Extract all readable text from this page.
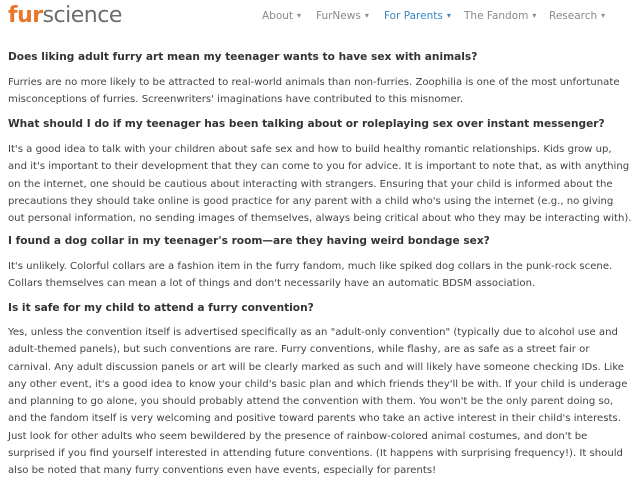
furscience	About ▾ FurNews ▾ For Parents ▾ The Fandom ▾ Research ▾
Does liking adult furry art mean my teenager wants to have sex with animals?
Furries are no more likely to be attracted to real-world animals than non-furries. Zoophilia is one of the most unfortunate
misconceptions of furries. Screenwriters' imaginations have contributed to this misnomer.
What should I do if my teenager has been talking about or roleplaying sex over instant messenger?
It's a good idea to talk with your children about safe sex and how to build healthy romantic relationships. Kids grow up,
and it's important to their development that they can come to you for advice. It is important to note that, as with anything
on the internet, one should be cautious about interacting with strangers. Ensuring that your child is informed about the
precautions they should take online is good practice for any parent with a child who's using the internet (e.g., no giving
out personal information, no sending images of themselves, always being critical about who they may be interacting with).
I found a dog collar in my teenager's room—are they having weird bondage sex?
It's unlikely. Colorful collars are a fashion item in the furry fandom, much like spiked dog collars in the punk-rock scene.
Collars themselves can mean a lot of things and don't necessarily have an automatic BDSM association.
Is it safe for my child to attend a furry convention?
Yes, unless the convention itself is advertised specifically as an "adult-only convention" (typically due to alcohol use and
adult-themed panels), but such conventions are rare. Furry conventions, while flashy, are as safe as a street fair or
carnival. Any adult discussion panels or art will be clearly marked as such and will likely have someone checking IDs. Like
any other event, it's a good idea to know your child's basic plan and which friends they'll be with. If your child is underage
and planning to go alone, you should probably attend the convention with them. You won't be the only parent doing so,
and the fandom itself is very welcoming and positive toward parents who take an active interest in their child's interests.
Just look for other adults who seem bewildered by the presence of rainbow-colored animal costumes, and don't be
surprised if you find yourself interested in attending future conventions. (It happens with surprising frequency!). It should
also be noted that many furry conventions even have events, especially for parents!
